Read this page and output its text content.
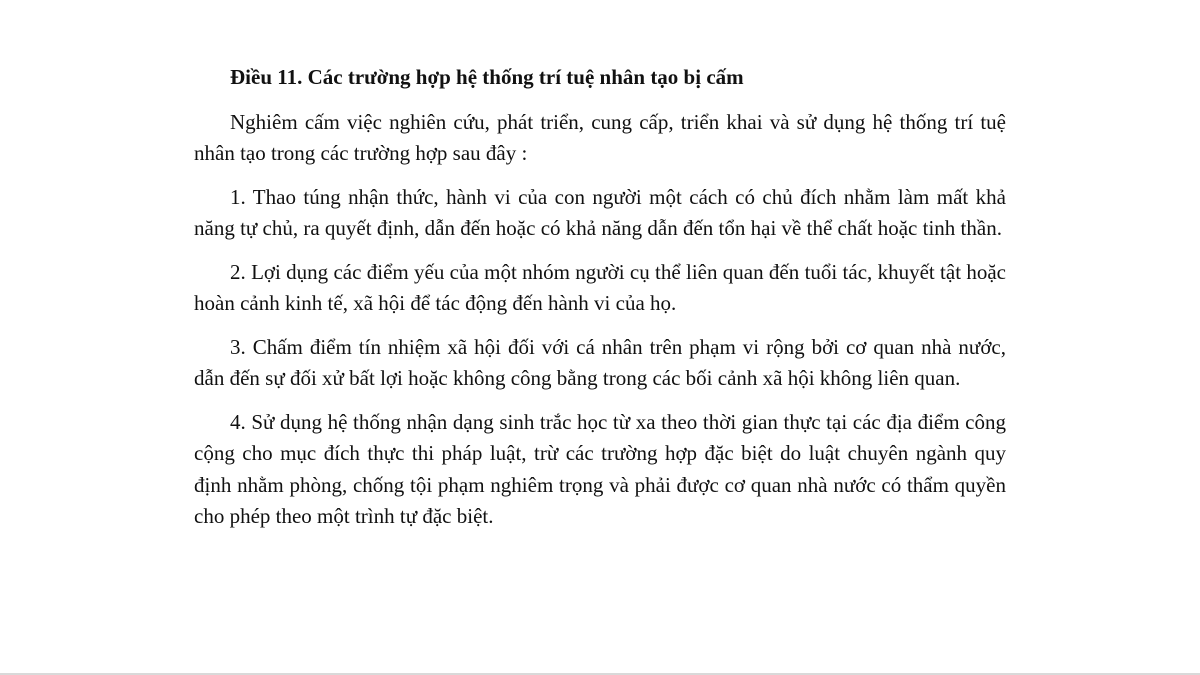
Điều 11. Các trường hợp hệ thống trí tuệ nhân tạo bị cấm

Nghiêm cấm việc nghiên cứu, phát triển, cung cấp, triển khai và sử dụng hệ thống trí tuệ nhân tạo trong các trường hợp sau đây :

1. Thao túng nhận thức, hành vi của con người một cách có chủ đích nhằm làm mất khả năng tự chủ, ra quyết định, dẫn đến hoặc có khả năng dẫn đến tổn hại về thể chất hoặc tinh thần.

2. Lợi dụng các điểm yếu của một nhóm người cụ thể liên quan đến tuổi tác, khuyết tật hoặc hoàn cảnh kinh tế, xã hội để tác động đến hành vi của họ.

3. Chấm điểm tín nhiệm xã hội đối với cá nhân trên phạm vi rộng bởi cơ quan nhà nước, dẫn đến sự đối xử bất lợi hoặc không công bằng trong các bối cảnh xã hội không liên quan.

4. Sử dụng hệ thống nhận dạng sinh trắc học từ xa theo thời gian thực tại các địa điểm công cộng cho mục đích thực thi pháp luật, trừ các trường hợp đặc biệt do luật chuyên ngành quy định nhằm phòng, chống tội phạm nghiêm trọng và phải được cơ quan nhà nước có thẩm quyền cho phép theo một trình tự đặc biệt.
